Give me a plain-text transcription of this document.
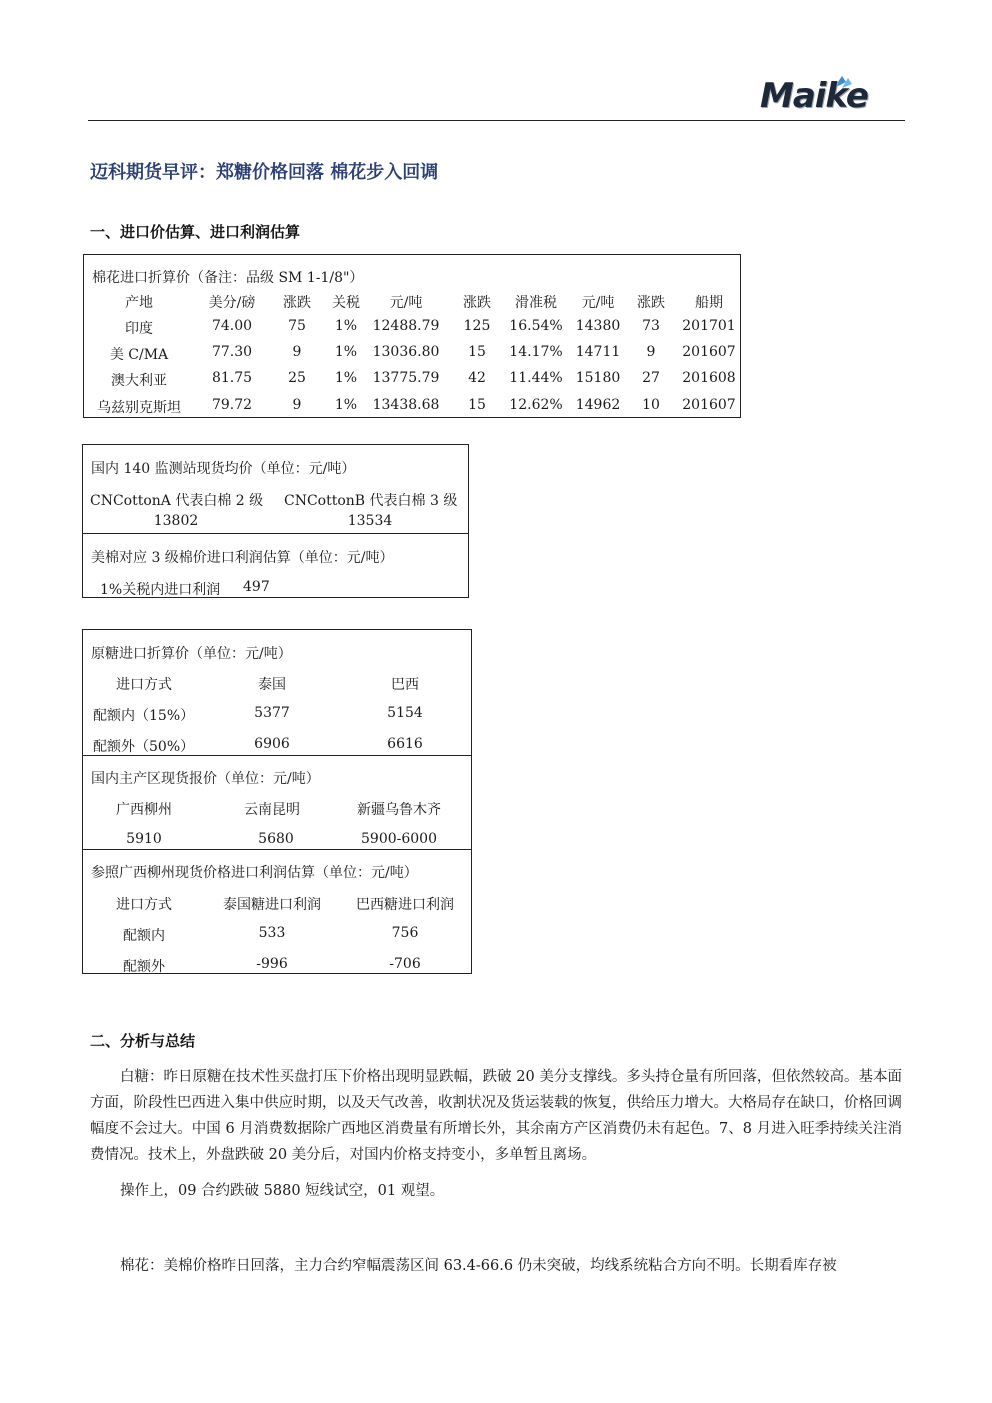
Maike
迈科期货早评：郑糖价格回落 棉花步入回调
一、进口价估算、进口利润估算
棉花进口折算价（备注：品级 SM 1-1/8"）
产地	美分/磅 涨跌 关税 元/吨	涨跌 滑准税 元/吨 涨跌 船期
印度	74.00	75 1% 12488.79 125 16.54% 14380 73 201701
美 C/MA	77.30	9 1% 13036.80 15 14.17% 14711 9 201607
澳大利亚	81.75	25 1% 13775.79 42 11.44% 15180 27 201608
乌兹别克斯坦 79.72	9 1% 13438.68 15 12.62% 14962 10 201607
国内 140 监测站现货均价（单位：元/吨）
CNCottonA 代表白棉 2 级
13802
CNCottonB 代表白棉 3 级
13534
美棉对应 3 级棉价进口利润估算（单位：元/吨）
1%关税内进口利润 497
原糖进口折算价（单位：元/吨）
进口方式	泰国	巴西
配额内（15%）	5377	5154
配额外（50%）	6906	6616
国内主产区现货报价（单位：元/吨）
广西柳州	云南昆明	新疆乌鲁木齐
5910	5680	5900-6000
参照广西柳州现货价格进口利润估算（单位：元/吨）
进口方式	泰国糖进口利润	巴西糖进口利润
配额内	533	756
配额外	-996	-706
二、分析与总结
白糖：昨日原糖在技术性买盘打压下价格出现明显跌幅，跌破 20 美分支撑线。多头持仓量有所回落，但依然较高。基本面方面，阶段性巴西进入集中供应时期，以及天气改善，收割状况及货运装载的恢复，供给压力增大。大格局存在缺口，价格回调幅度不会过大。中国 6 月消费数据除广西地区消费量有所增长外，其余南方产区消费仍未有起色。7、8 月进入旺季持续关注消费情况。技术上，外盘跌破 20 美分后，对国内价格支持变小，多单暂且离场。
操作上，09 合约跌破 5880 短线试空，01 观望。
棉花：美棉价格昨日回落，主力合约窄幅震荡区间 63.4-66.6 仍未突破，均线系统粘合方向不明。长期看库存被
